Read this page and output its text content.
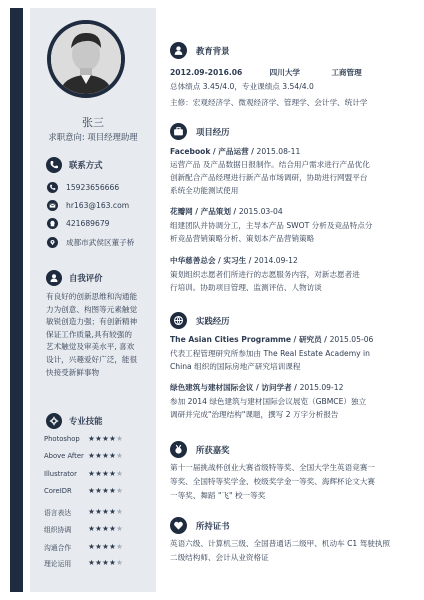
张三
求职意向: 项目经理助理
联系方式
15923656666
hr163@163.com
421689679
成都市武侯区董子桥
自我评价
有良好的创新思维和沟通能
力为创意、构图等元素触觉
敏锐创造力强；有创新精神
保证工作质量,具有较强的
艺术触觉及审美水平, 喜欢
设计，兴趣爱好广泛，能很
快接受新鲜事物
专业技能
Photoshop	★ ★ ★ ★ ★
Above After ★ ★ ★ ★ ★
Illustrator	★ ★ ★ ★ ★
CoreIDR	★ ★ ★ ★ ★
语言表达	★ ★ ★ ★ ★
组织协调	★ ★ ★ ★ ★
沟通合作	★ ★ ★ ★ ★
理论运用	★ ★ ★ ★ ★
教育背景
2012.09-2016.06	四川大学	工商管理
总体绩点 3.45/4.0，专业课绩点 3.54/4.0
主修：宏观经济学、微观经济学、管理学、会计学、统计学
项目经历
Facebook / 产品运营 / 2015.08-11
运营产品 及产品数据日报制作。结合用户需求进行产品优化
创新配合产品经理进行新产品市场调研，协助进行网盟平台
系统全功能测试使用
花瓣网 / 产品策划 / 2015.03-04
组建团队并协调分工，主导本产品 SWOT 分析及竞品特点分
析竞品营销策略分析、策划本产品营销策略
中华慈善总会 / 实习生 / 2014.09-12
策划组织志愿者们所进行的志愿服务内容，对新志愿者进
行培训。协助项目管理、监测评估、人物访谈
实践经历
The Asian Cities Programme / 研究员 / 2015.05-06
代表工程管理研究所参加由 The Real Estate Academy in
China 组织的国际房地产研究培训课程
绿色建筑与建材国际会议 / 访问学者 / 2015.09-12
参加 2014 绿色建筑与建材国际会议展览（GBMCE）独立
调研并完成"治理结构"课题，撰写 2 万字分析报告
所获嘉奖
第十一届挑战杯创业大赛省级特等奖、全国大学生英语竞赛一
等奖、全国特等奖学金、校级奖学金一等奖、海辉杯论文大赛
一等奖、舞蹈 "飞" 校一等奖
所持证书
英语六级、计算机三级、全国普通话二级甲、机动车 C1 驾驶执照
二级结构师、会计从业资格证
